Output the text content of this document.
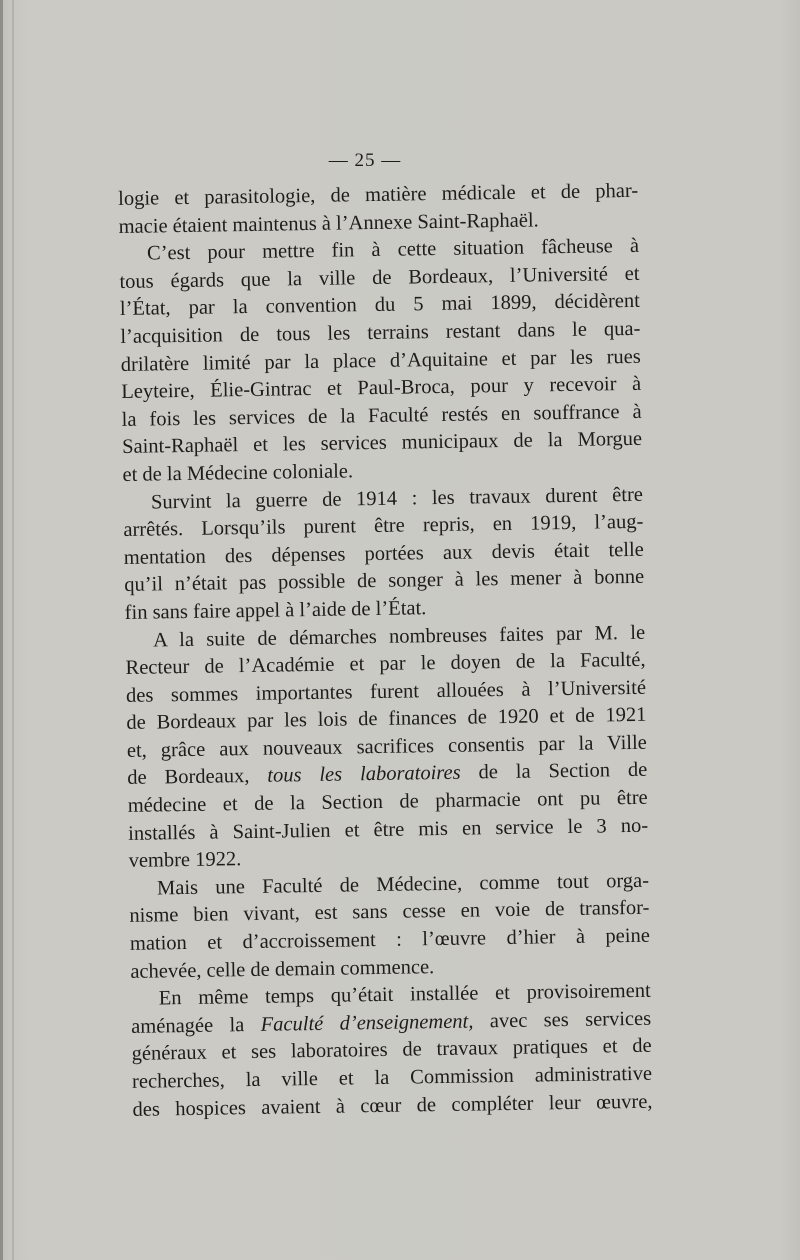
— 25 —
logie et parasitologie, de matière médicale et de phar-
macie étaient maintenus à l’Annexe Saint-Raphaël.
C’est pour mettre fin à cette situation fâcheuse à
tous égards que la ville de Bordeaux, l’Université et
l’État, par la convention du 5 mai 1899, décidèrent
l’acquisition de tous les terrains restant dans le qua-
drilatère limité par la place d’Aquitaine et par les rues
Leyteire, Élie-Gintrac et Paul-Broca, pour y recevoir à
la fois les services de la Faculté restés en souffrance à
Saint-Raphaël et les services municipaux de la Morgue
et de la Médecine coloniale.
Survint la guerre de 1914 : les travaux durent être
arrêtés. Lorsqu’ils purent être repris, en 1919, l’aug-
mentation des dépenses portées aux devis était telle
qu’il n’était pas possible de songer à les mener à bonne
fin sans faire appel à l’aide de l’État.
A la suite de démarches nombreuses faites par M. le
Recteur de l’Académie et par le doyen de la Faculté,
des sommes importantes furent allouées à l’Université
de Bordeaux par les lois de finances de 1920 et de 1921
et, grâce aux nouveaux sacrifices consentis par la Ville
de Bordeaux, tous les laboratoires de la Section de
médecine et de la Section de pharmacie ont pu être
installés à Saint-Julien et être mis en service le 3 no-
vembre 1922.
Mais une Faculté de Médecine, comme tout orga-
nisme bien vivant, est sans cesse en voie de transfor-
mation et d’accroissement : l’œuvre d’hier à peine
achevée, celle de demain commence.
En même temps qu’était installée et provisoirement
aménagée la Faculté d’enseignement, avec ses services
généraux et ses laboratoires de travaux pratiques et de
recherches, la ville et la Commission administrative
des hospices avaient à cœur de compléter leur œuvre,
